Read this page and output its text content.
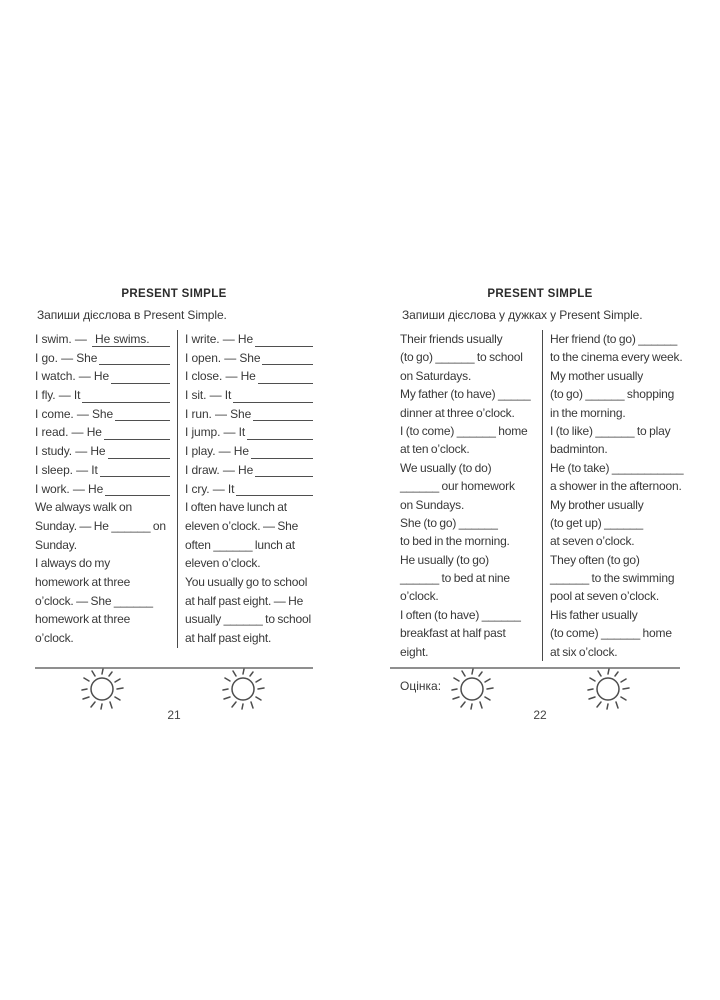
PRESENT SIMPLE

Запиши дієслова в Present Simple.

I swim. — He swims.
I go. — She
I watch. — He
I fly. — It
I come. — She
I read. — He
I study. — He
I sleep. — It
I work. — He
We always walk on
Sunday. — He ______ on
Sunday.
I always do my
homework at three
o’clock. — She ______
homework at three
o’clock.
I write. — He
I open. — She
I close. — He
I sit. — It
I run. — She
I jump. — It
I play. — He
I draw. — He
I cry. — It
I often have lunch at
eleven o’clock. — She
often ______ lunch at
eleven o’clock.
You usually go to school
at half past eight. — He
usually ______ to school
at half past eight.
21
PRESENT SIMPLE

Запиши дієслова у дужках у Present Simple.

Their friends usually
(to go) ______ to school
on Saturdays.
My father (to have) _____
dinner at three o’clock.
I (to come) ______ home
at ten o’clock.
We usually (to do)
______ our homework
on Sundays.
She (to go) ______
to bed in the morning.
He usually (to go)
______ to bed at nine
o’clock.
I often (to have) ______
breakfast at half past
eight.
Her friend (to go) ______
to the cinema every week.
My mother usually
(to go) ______ shopping
in the morning.
I (to like) ______ to play
badminton.
He (to take) ___________
a shower in the afternoon.
My brother usually
(to get up) ______
at seven o’clock.
They often (to go)
______ to the swimming
pool at seven o’clock.
His father usually
(to come) ______ home
at six o’clock.
Оцінка:
22
